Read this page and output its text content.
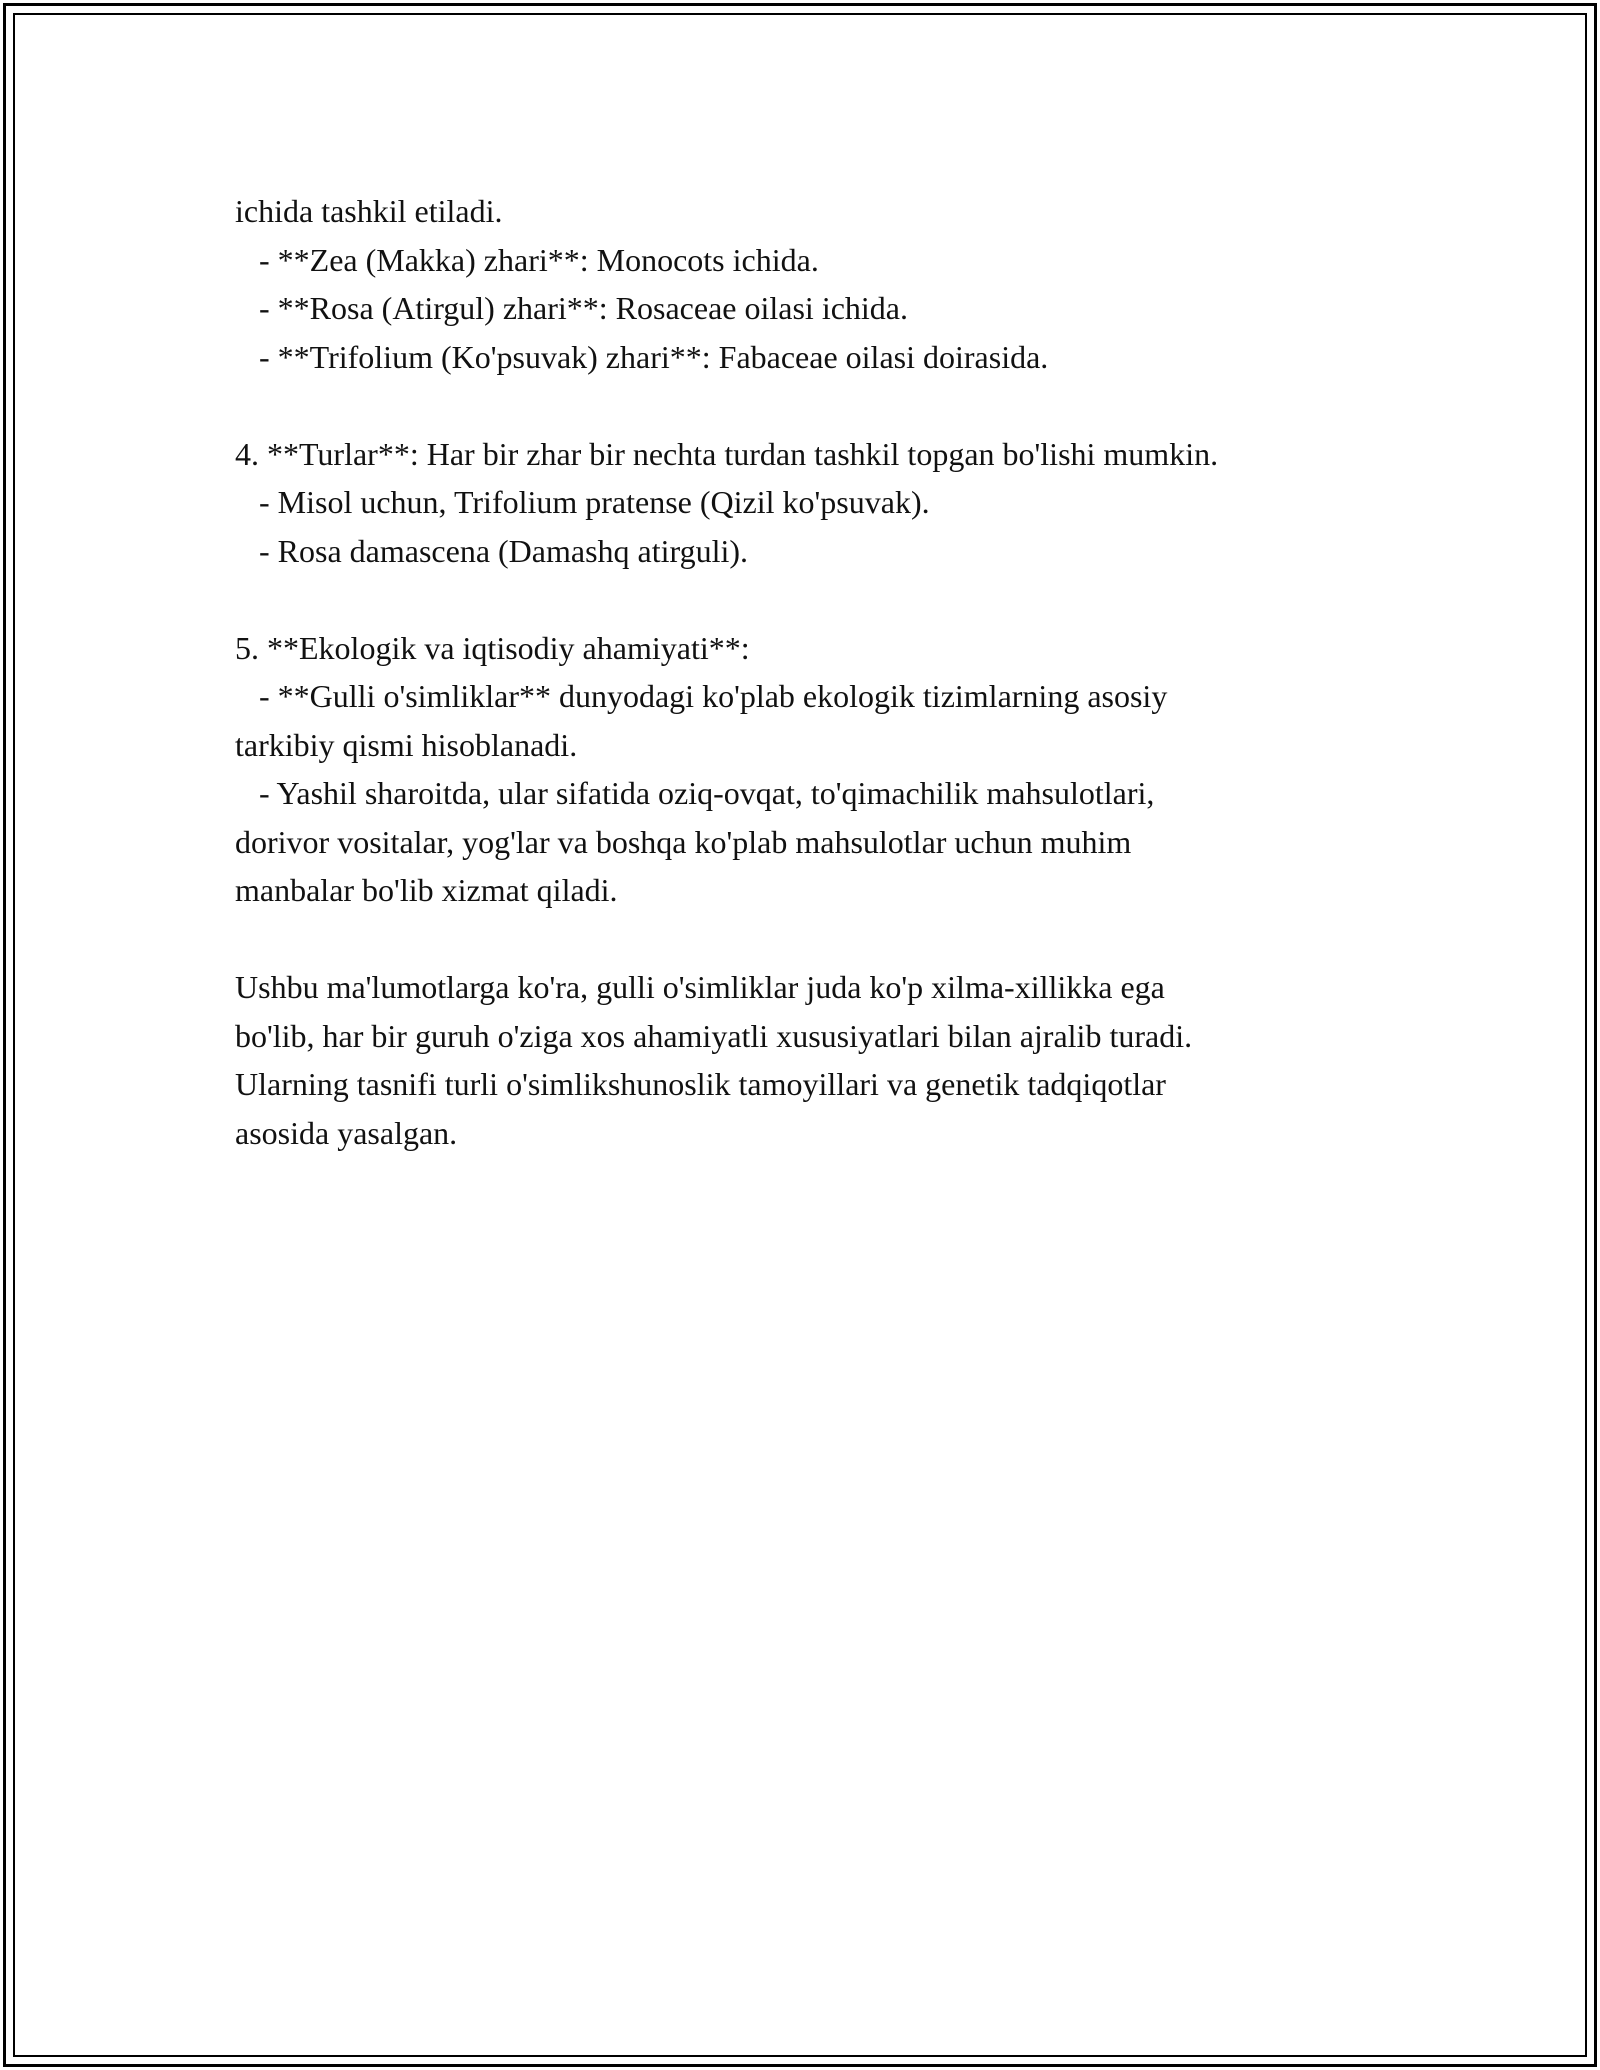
ichida tashkil etiladi.
- **Zea (Makka) zhari**: Monocots ichida.
- **Rosa (Atirgul) zhari**: Rosaceae oilasi ichida.
- **Trifolium (Ko'psuvak) zhari**: Fabaceae oilasi doirasida.
4. **Turlar**: Har bir zhar bir nechta turdan tashkil topgan bo'lishi mumkin.
- Misol uchun, Trifolium pratense (Qizil ko'psuvak).
- Rosa damascena (Damashq atirguli).
5. **Ekologik va iqtisodiy ahamiyati**:
- **Gulli o'simliklar** dunyodagi ko'plab ekologik tizimlarning asosiy
tarkibiy qismi hisoblanadi.
- Yashil sharoitda, ular sifatida oziq-ovqat, to'qimachilik mahsulotlari,
dorivor vositalar, yog'lar va boshqa ko'plab mahsulotlar uchun muhim
manbalar bo'lib xizmat qiladi.
Ushbu ma'lumotlarga ko'ra, gulli o'simliklar juda ko'p xilma-xillikka ega
bo'lib, har bir guruh o'ziga xos ahamiyatli xususiyatlari bilan ajralib turadi.
Ularning tasnifi turli o'simlikshunoslik tamoyillari va genetik tadqiqotlar
asosida yasalgan.
